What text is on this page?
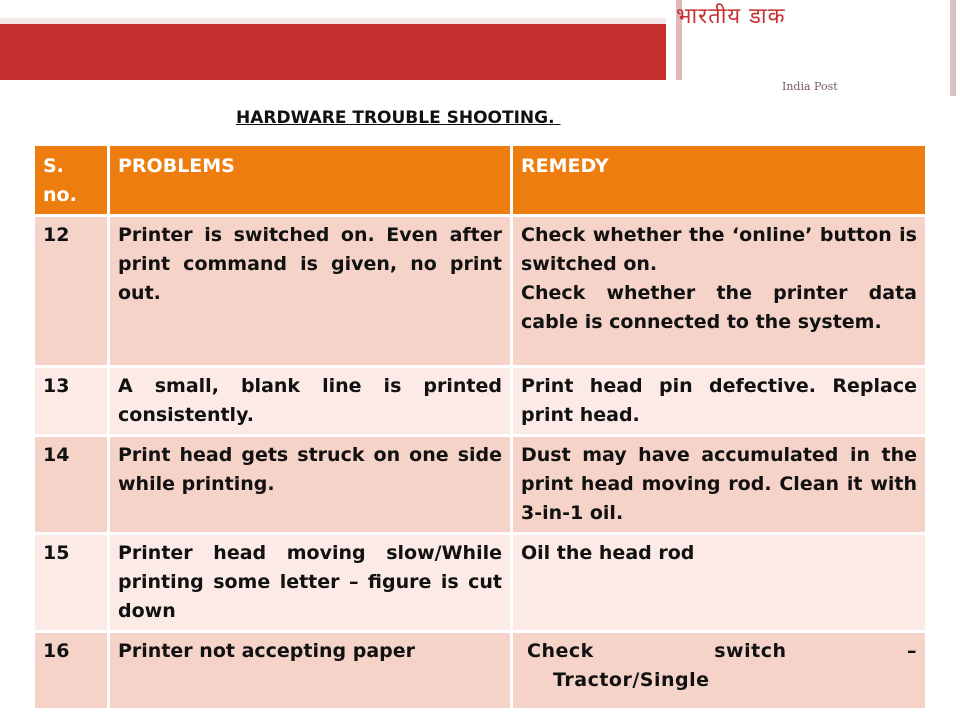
भारतीय डाक
India Post
HARDWARE TROUBLE SHOOTING.
S. no.	PROBLEMS	REMEDY
12	Printer is switched on. Even after print command is given, no print out.	Check whether the ‘online’ button is switched on.
Check whether the printer data cable is connected to the system.

13	A small, blank line is printed consistently.	Print head pin defective. Replace print head.

14	Print head gets struck on one side while printing.	Dust may have accumulated in the print head moving rod. Clean it with 3-in-1 oil.

15	Printer head moving slow/While printing some letter – figure is cut down	Oil the head rod

16	Printer not accepting paper	Check switch –
Tractor/Single
